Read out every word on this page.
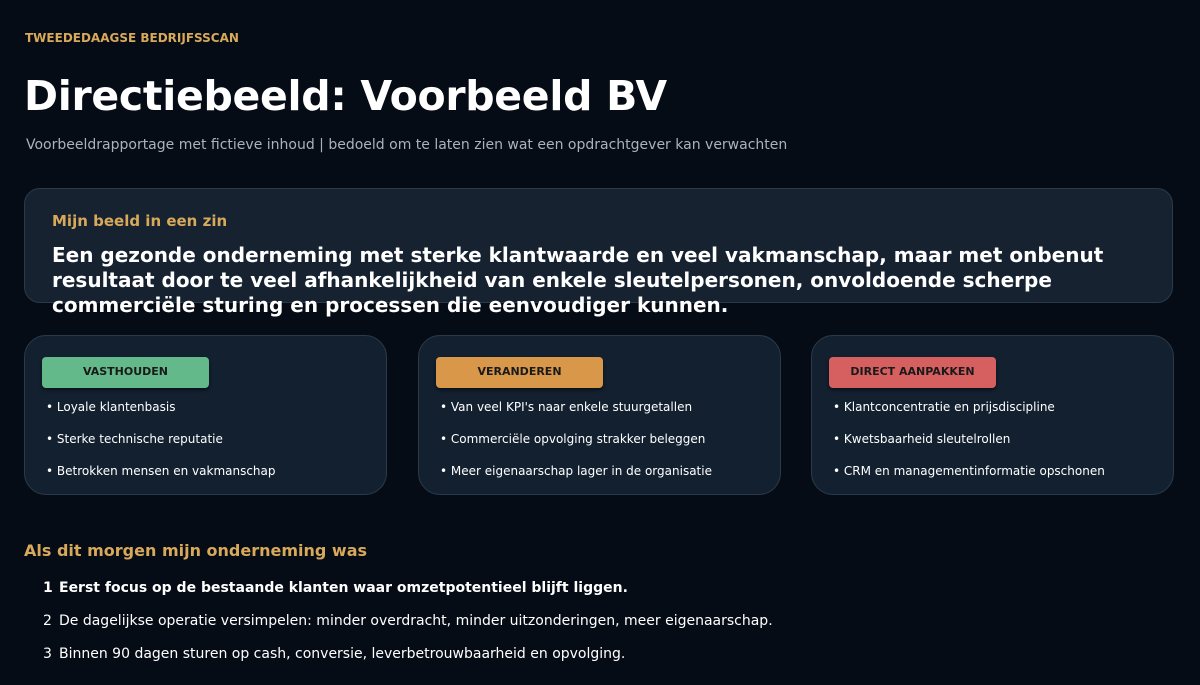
TWEEDEDAAGSE BEDRIJFSSCAN
Directiebeeld: Voorbeeld BV
Voorbeeldrapportage met fictieve inhoud | bedoeld om te laten zien wat een opdrachtgever kan verwachten
Mijn beeld in een zin
Een gezonde onderneming met sterke klantwaarde en veel vakmanschap, maar met onbenut resultaat door te veel afhankelijkheid van enkele sleutelpersonen, onvoldoende scherpe commerciële sturing en processen die eenvoudiger kunnen.
VASTHOUDEN
• Loyale klantenbasis
• Sterke technische reputatie
• Betrokken mensen en vakmanschap
VERANDEREN
• Van veel KPI's naar enkele stuurgetallen
• Commerciële opvolging strakker beleggen
• Meer eigenaarschap lager in de organisatie
DIRECT AANPAKKEN
• Klantconcentratie en prijsdiscipline
• Kwetsbaarheid sleutelrollen
• CRM en managementinformatie opschonen
Als dit morgen mijn onderneming was
1 Eerst focus op de bestaande klanten waar omzetpotentieel blijft liggen.
2 De dagelijkse operatie versimpelen: minder overdracht, minder uitzonderingen, meer eigenaarschap.
3 Binnen 90 dagen sturen op cash, conversie, leverbetrouwbaarheid en opvolging.
